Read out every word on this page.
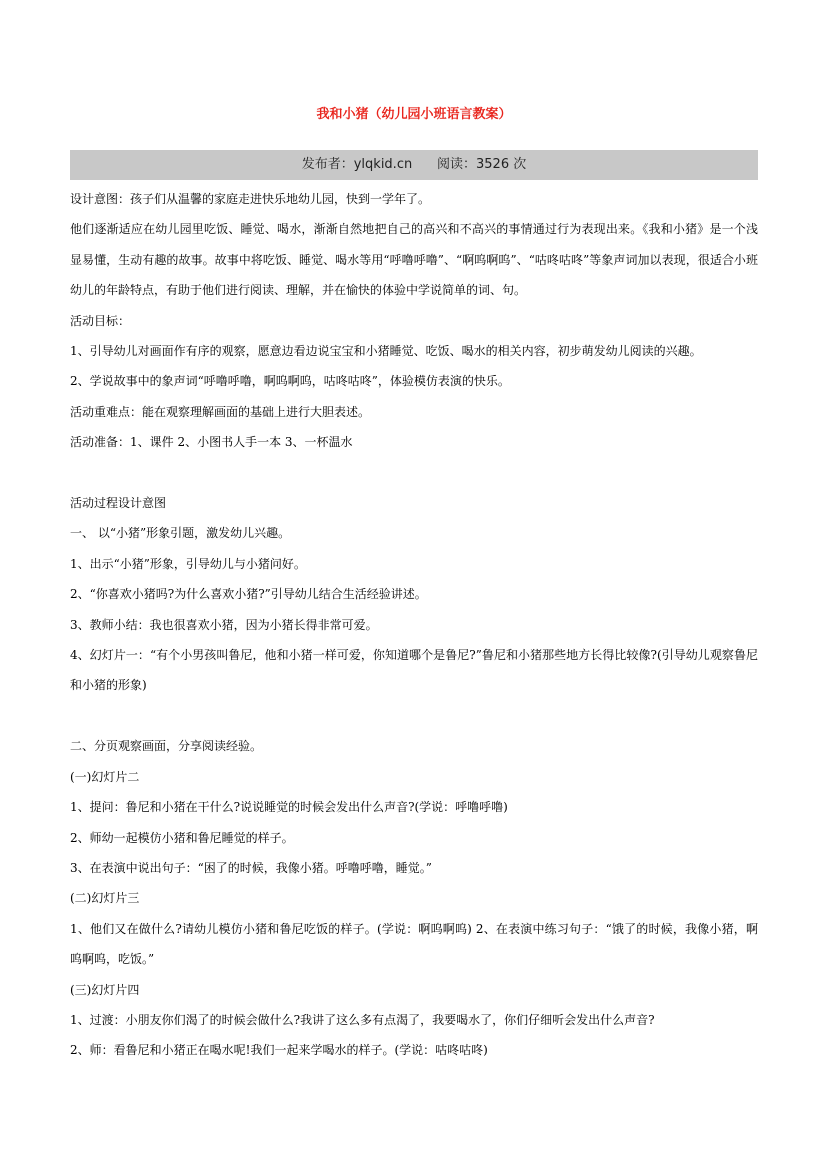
我和小猪（幼儿园小班语言教案）
发布者：ylqkid.cn 阅读：3526 次

设计意图：孩子们从温馨的家庭走进快乐地幼儿园，快到一学年了。

他们逐渐适应在幼儿园里吃饭、睡觉、喝水，渐渐自然地把自己的高兴和不高兴的事情通过行为表现出来。《我和小猪》是一个浅显易懂，生动有趣的故事。故事中将吃饭、睡觉、喝水等用“呼噜呼噜”、“啊呜啊呜”、“咕咚咕咚”等象声词加以表现，很适合小班幼儿的年龄特点，有助于他们进行阅读、理解，并在愉快的体验中学说简单的词、句。

活动目标：

1、引导幼儿对画面作有序的观察，愿意边看边说宝宝和小猪睡觉、吃饭、喝水的相关内容，初步萌发幼儿阅读的兴趣。

2、学说故事中的象声词“呼噜呼噜，啊呜啊呜，咕咚咕咚”，体验模仿表演的快乐。

活动重难点：能在观察理解画面的基础上进行大胆表述。

活动准备：1、课件 2、小图书人手一本 3、一杯温水

活动过程设计意图

一、 以“小猪”形象引题，激发幼儿兴趣。

1、出示“小猪”形象，引导幼儿与小猪问好。

2、“你喜欢小猪吗?为什么喜欢小猪?”引导幼儿结合生活经验讲述。

3、教师小结：我也很喜欢小猪，因为小猪长得非常可爱。

4、幻灯片一：“有个小男孩叫鲁尼，他和小猪一样可爱，你知道哪个是鲁尼?”鲁尼和小猪那些地方长得比较像?(引导幼儿观察鲁尼和小猪的形象)

二、分页观察画面，分享阅读经验。

(一)幻灯片二

1、提问：鲁尼和小猪在干什么?说说睡觉的时候会发出什么声音?(学说：呼噜呼噜)

2、师幼一起模仿小猪和鲁尼睡觉的样子。

3、在表演中说出句子：“困了的时候，我像小猪。呼噜呼噜，睡觉。”

(二)幻灯片三

1、他们又在做什么?请幼儿模仿小猪和鲁尼吃饭的样子。(学说：啊呜啊呜) 2、在表演中练习句子：“饿了的时候，我像小猪，啊呜啊呜，吃饭。”

(三)幻灯片四

1、过渡：小朋友你们渴了的时候会做什么?我讲了这么多有点渴了，我要喝水了，你们仔细听会发出什么声音?

2、师：看鲁尼和小猪正在喝水呢!我们一起来学喝水的样子。(学说：咕咚咕咚)
